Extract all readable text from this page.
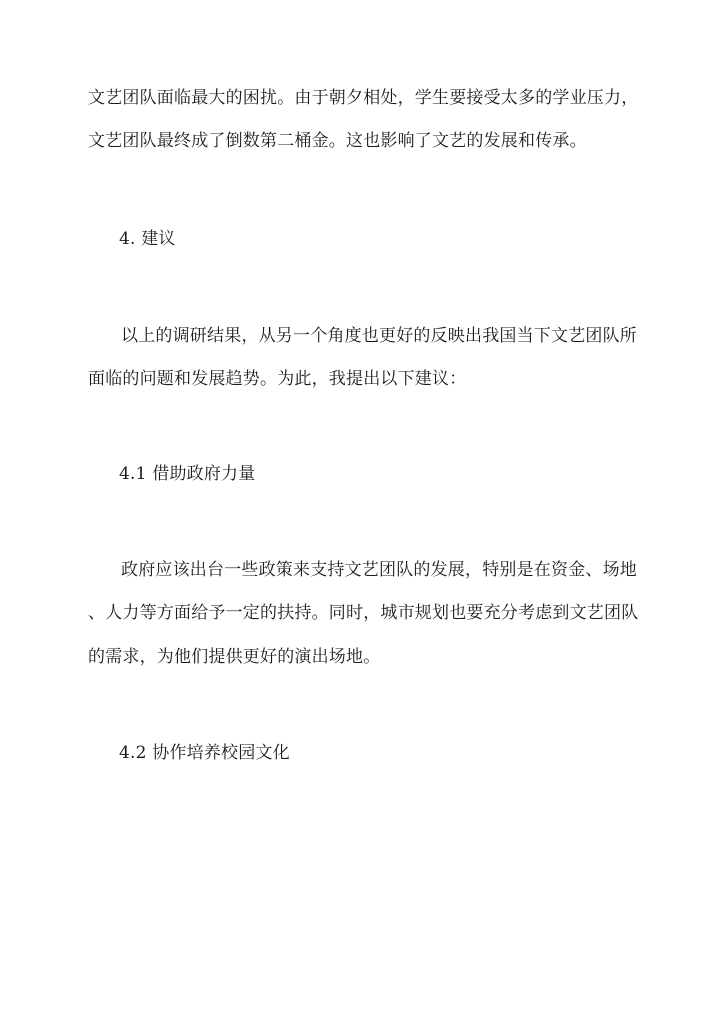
文艺团队面临最大的困扰。由于朝夕相处，学生要接受太多的学业压力，
文艺团队最终成了倒数第二桶金。这也影响了文艺的发展和传承。
4. 建议
以上的调研结果，从另一个角度也更好的反映出我国当下文艺团队所
面临的问题和发展趋势。为此，我提出以下建议：
4.1 借助政府力量
政府应该出台一些政策来支持文艺团队的发展，特别是在资金、场地
、人力等方面给予一定的扶持。同时，城市规划也要充分考虑到文艺团队
的需求，为他们提供更好的演出场地。
4.2 协作培养校园文化
